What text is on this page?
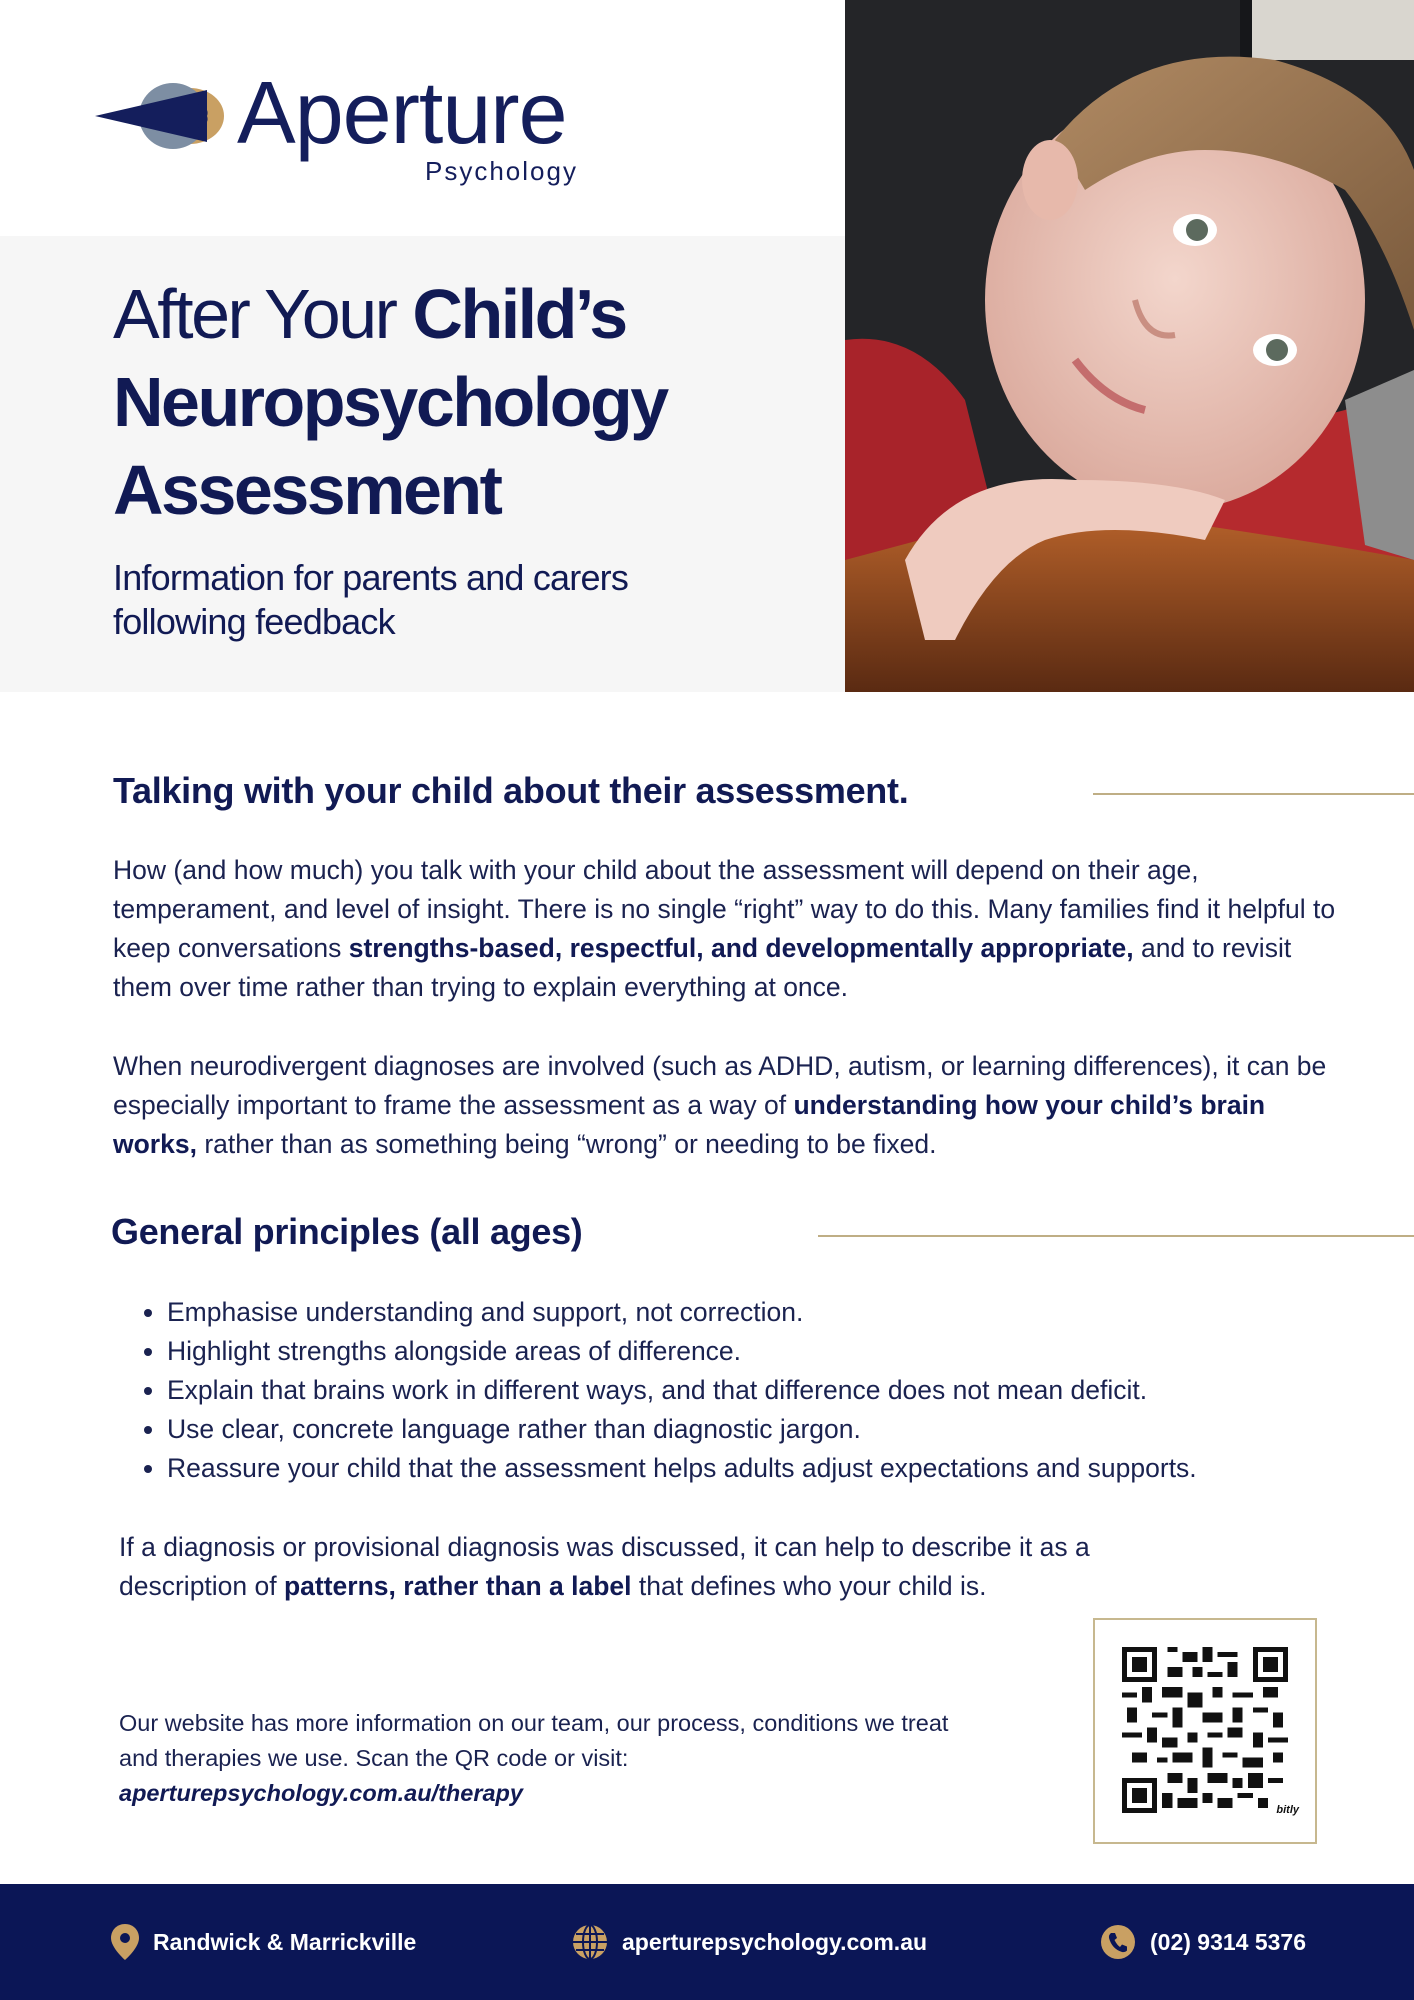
Aperture
Psychology
After Your Child’s
Neuropsychology
Assessment
Information for parents and carers
following feedback
Talking with your child about their assessment.

How (and how much) you talk with your child about the assessment will depend on their age, temperament, and level of insight. There is no single “right” way to do this. Many families find it helpful to keep conversations strengths-based, respectful, and developmentally appropriate, and to revisit them over time rather than trying to explain everything at once.

When neurodivergent diagnoses are involved (such as ADHD, autism, or learning differences), it can be especially important to frame the assessment as a way of understanding how your child’s brain works, rather than as something being “wrong” or needing to be fixed.

General principles (all ages)
• Emphasise understanding and support, not correction.
• Highlight strengths alongside areas of difference.
• Explain that brains work in different ways, and that difference does not mean deficit.
• Use clear, concrete language rather than diagnostic jargon.
• Reassure your child that the assessment helps adults adjust expectations and supports.

If a diagnosis or provisional diagnosis was discussed, it can help to describe it as a description of patterns, rather than a label that defines who your child is.

Our website has more information on our team, our process, conditions we treat
and therapies we use. Scan the QR code or visit:
aperturepsychology.com.au/therapy
bitly
Randwick & Marrickville	aperturepsychology.com.au	(02) 9314 5376
